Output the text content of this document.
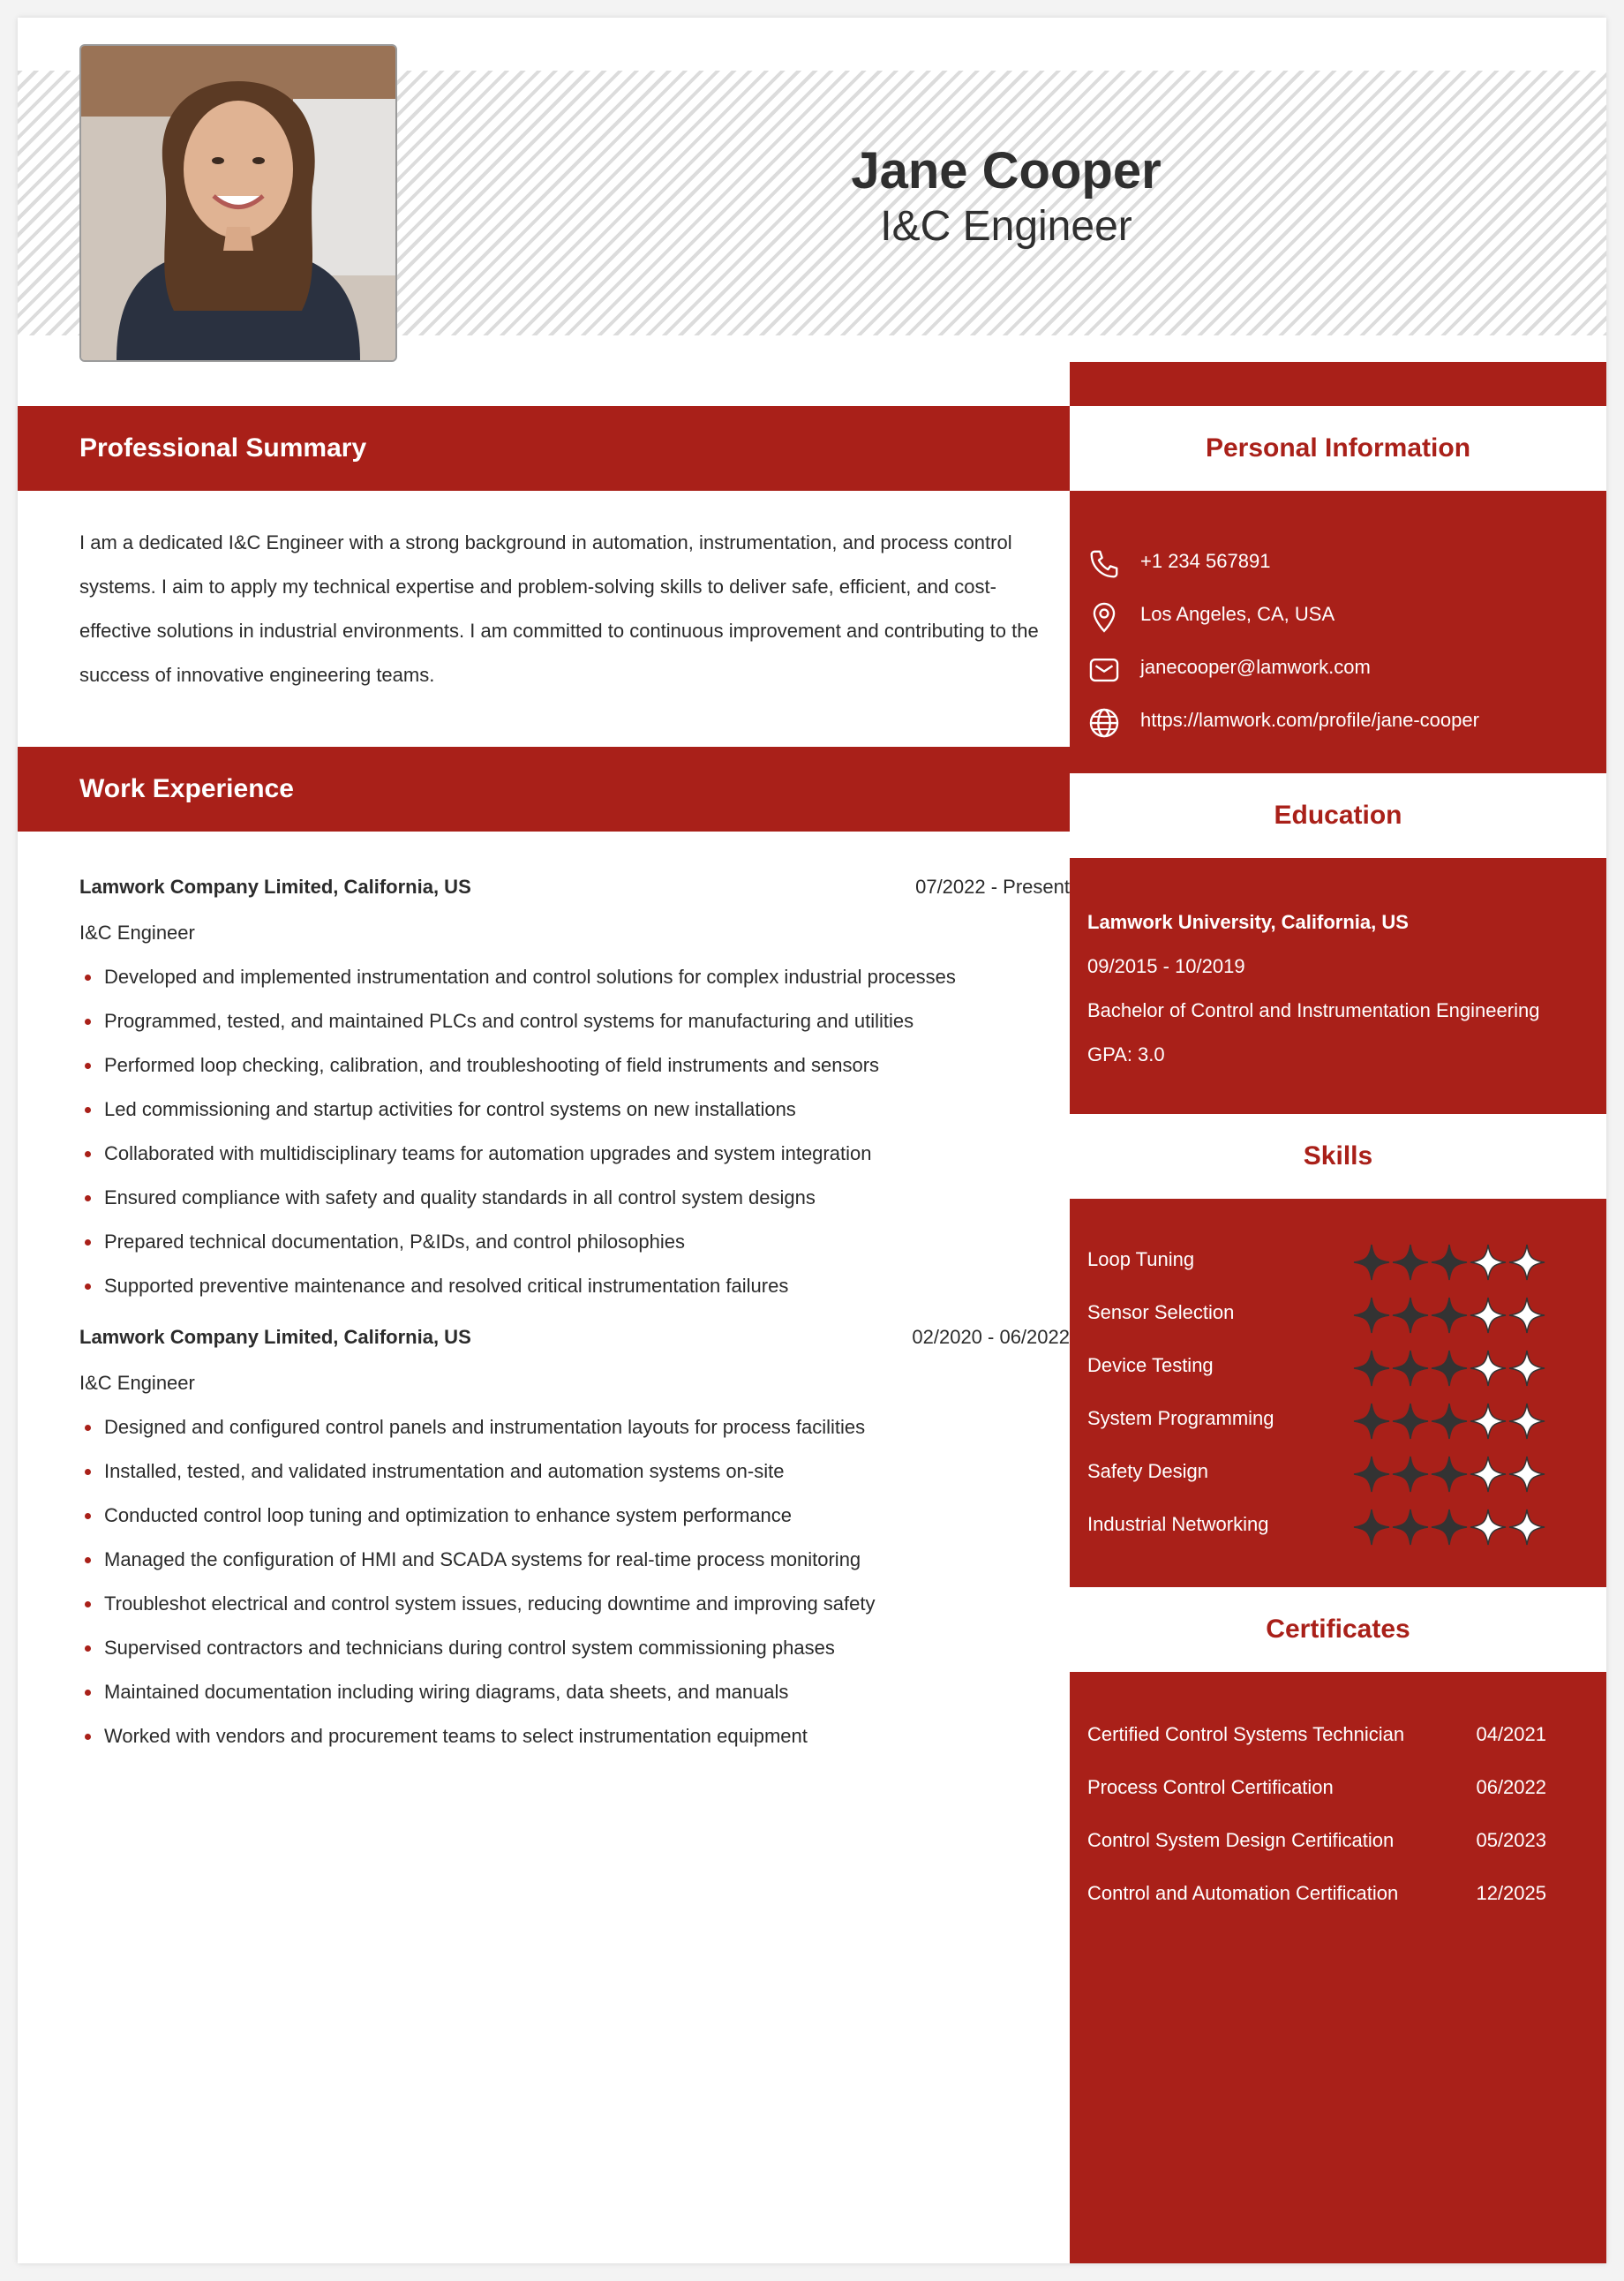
Jane Cooper
I&C Engineer
Professional Summary
I am a dedicated I&C Engineer with a strong background in automation, instrumentation, and process control systems. I aim to apply my technical expertise and problem-solving skills to deliver safe, efficient, and cost-effective solutions in industrial environments. I am committed to continuous improvement and contributing to the success of innovative engineering teams.
Work Experience
Lamwork Company Limited, California, US	07/2022 - Present
I&C Engineer
Developed and implemented instrumentation and control solutions for complex industrial processes
Programmed, tested, and maintained PLCs and control systems for manufacturing and utilities
Performed loop checking, calibration, and troubleshooting of field instruments and sensors
Led commissioning and startup activities for control systems on new installations
Collaborated with multidisciplinary teams for automation upgrades and system integration
Ensured compliance with safety and quality standards in all control system designs
Prepared technical documentation, P&IDs, and control philosophies
Supported preventive maintenance and resolved critical instrumentation failures
Lamwork Company Limited, California, US	02/2020 - 06/2022
I&C Engineer
Designed and configured control panels and instrumentation layouts for process facilities
Installed, tested, and validated instrumentation and automation systems on-site
Conducted control loop tuning and optimization to enhance system performance
Managed the configuration of HMI and SCADA systems for real-time process monitoring
Troubleshot electrical and control system issues, reducing downtime and improving safety
Supervised contractors and technicians during control system commissioning phases
Maintained documentation including wiring diagrams, data sheets, and manuals
Worked with vendors and procurement teams to select instrumentation equipment
Personal Information
+1 234 567891
Los Angeles, CA, USA
janecooper@lamwork.com
https://lamwork.com/profile/jane-cooper
Education
Lamwork University, California, US
09/2015 - 10/2019
Bachelor of Control and Instrumentation Engineering
GPA: 3.0
Skills
Loop Tuning
Sensor Selection
Device Testing
System Programming
Safety Design
Industrial Networking
Certificates
Certified Control Systems Technician	04/2021
Process Control Certification	06/2022
Control System Design Certification	05/2023
Control and Automation Certification	12/2025
